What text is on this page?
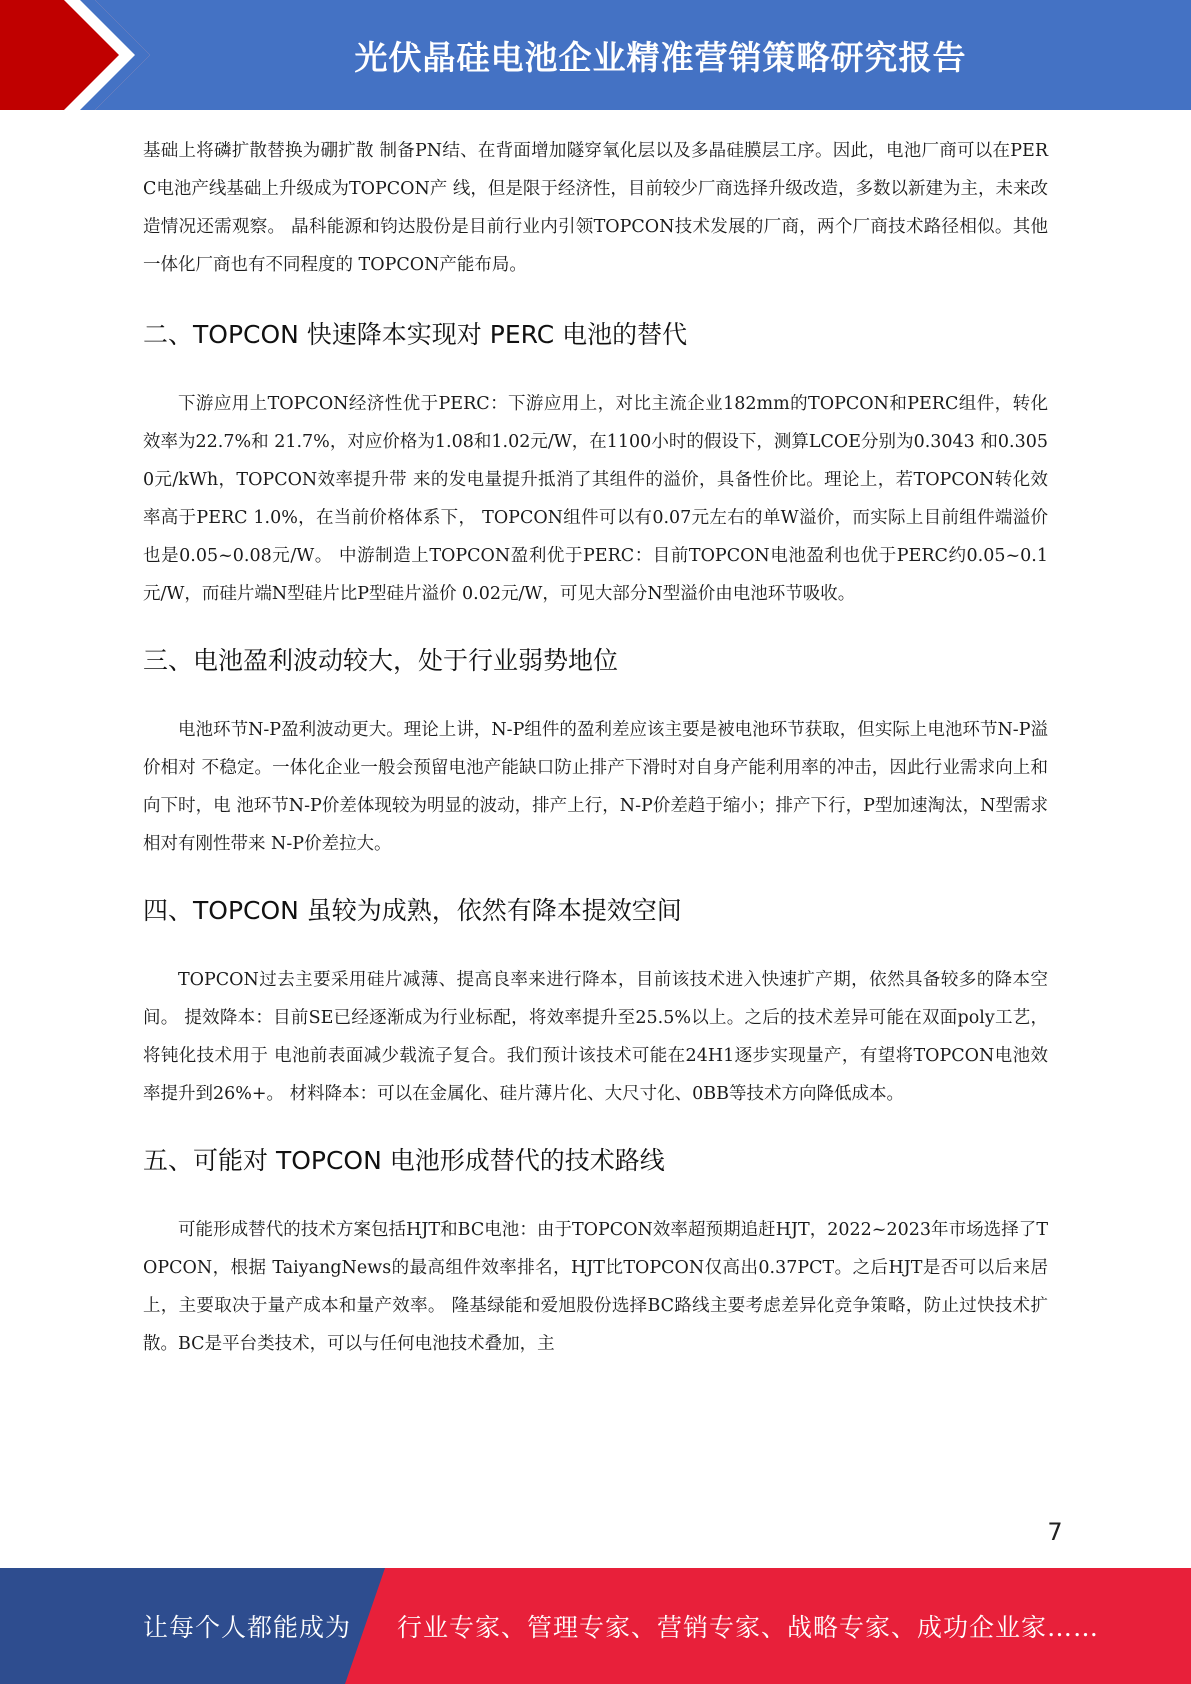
光伏晶硅电池企业精准营销策略研究报告

基础上将磷扩散替换为硼扩散 制备PN结、在背面增加隧穿氧化层以及多晶硅膜层工序。因此，电池厂商可以在PERC电池产线基础上升级成为TOPCON产 线，但是限于经济性，目前较少厂商选择升级改造，多数以新建为主，未来改造情况还需观察。 晶科能源和钧达股份是目前行业内引领TOPCON技术发展的厂商，两个厂商技术路径相似。其他一体化厂商也有不同程度的 TOPCON产能布局。

二、TOPCON 快速降本实现对 PERC 电池的替代

下游应用上TOPCON经济性优于PERC：下游应用上，对比主流企业182mm的TOPCON和PERC组件，转化效率为22.7%和 21.7%，对应价格为1.08和1.02元/W，在1100小时的假设下，测算LCOE分别为0.3043 和0.3050元/kWh，TOPCON效率提升带 来的发电量提升抵消了其组件的溢价，具备性价比。理论上，若TOPCON转化效率高于PERC 1.0%，在当前价格体系下， TOPCON组件可以有0.07元左右的单W溢价，而实际上目前组件端溢价也是0.05~0.08元/W。 中游制造上TOPCON盈利优于PERC：目前TOPCON电池盈利也优于PERC约0.05~0.1元/W，而硅片端N型硅片比P型硅片溢价 0.02元/W，可见大部分N型溢价由电池环节吸收。

三、电池盈利波动较大，处于行业弱势地位

电池环节N-P盈利波动更大。理论上讲，N-P组件的盈利差应该主要是被电池环节获取，但实际上电池环节N-P溢价相对 不稳定。一体化企业一般会预留电池产能缺口防止排产下滑时对自身产能利用率的冲击，因此行业需求向上和向下时，电 池环节N-P价差体现较为明显的波动，排产上行，N-P价差趋于缩小；排产下行，P型加速淘汰，N型需求相对有刚性带来 N-P价差拉大。

四、TOPCON 虽较为成熟，依然有降本提效空间

TOPCON过去主要采用硅片减薄、提高良率来进行降本，目前该技术进入快速扩产期，依然具备较多的降本空间。 提效降本：目前SE已经逐渐成为行业标配，将效率提升至25.5%以上。之后的技术差异可能在双面poly工艺，将钝化技术用于 电池前表面减少载流子复合。我们预计该技术可能在24H1逐步实现量产，有望将TOPCON电池效率提升到26%+。 材料降本：可以在金属化、硅片薄片化、大尺寸化、0BB等技术方向降低成本。

五、可能对 TOPCON 电池形成替代的技术路线

可能形成替代的技术方案包括HJT和BC电池：由于TOPCON效率超预期追赶HJT，2022~2023年市场选择了TOPCON，根据 TaiyangNews的最高组件效率排名，HJT比TOPCON仅高出0.37PCT。之后HJT是否可以后来居上，主要取决于量产成本和量产效率。 隆基绿能和爱旭股份选择BC路线主要考虑差异化竞争策略，防止过快技术扩散。BC是平台类技术，可以与任何电池技术叠加，主

7
让每个人都能成为 行业专家、管理专家、营销专家、战略专家、成功企业家……
